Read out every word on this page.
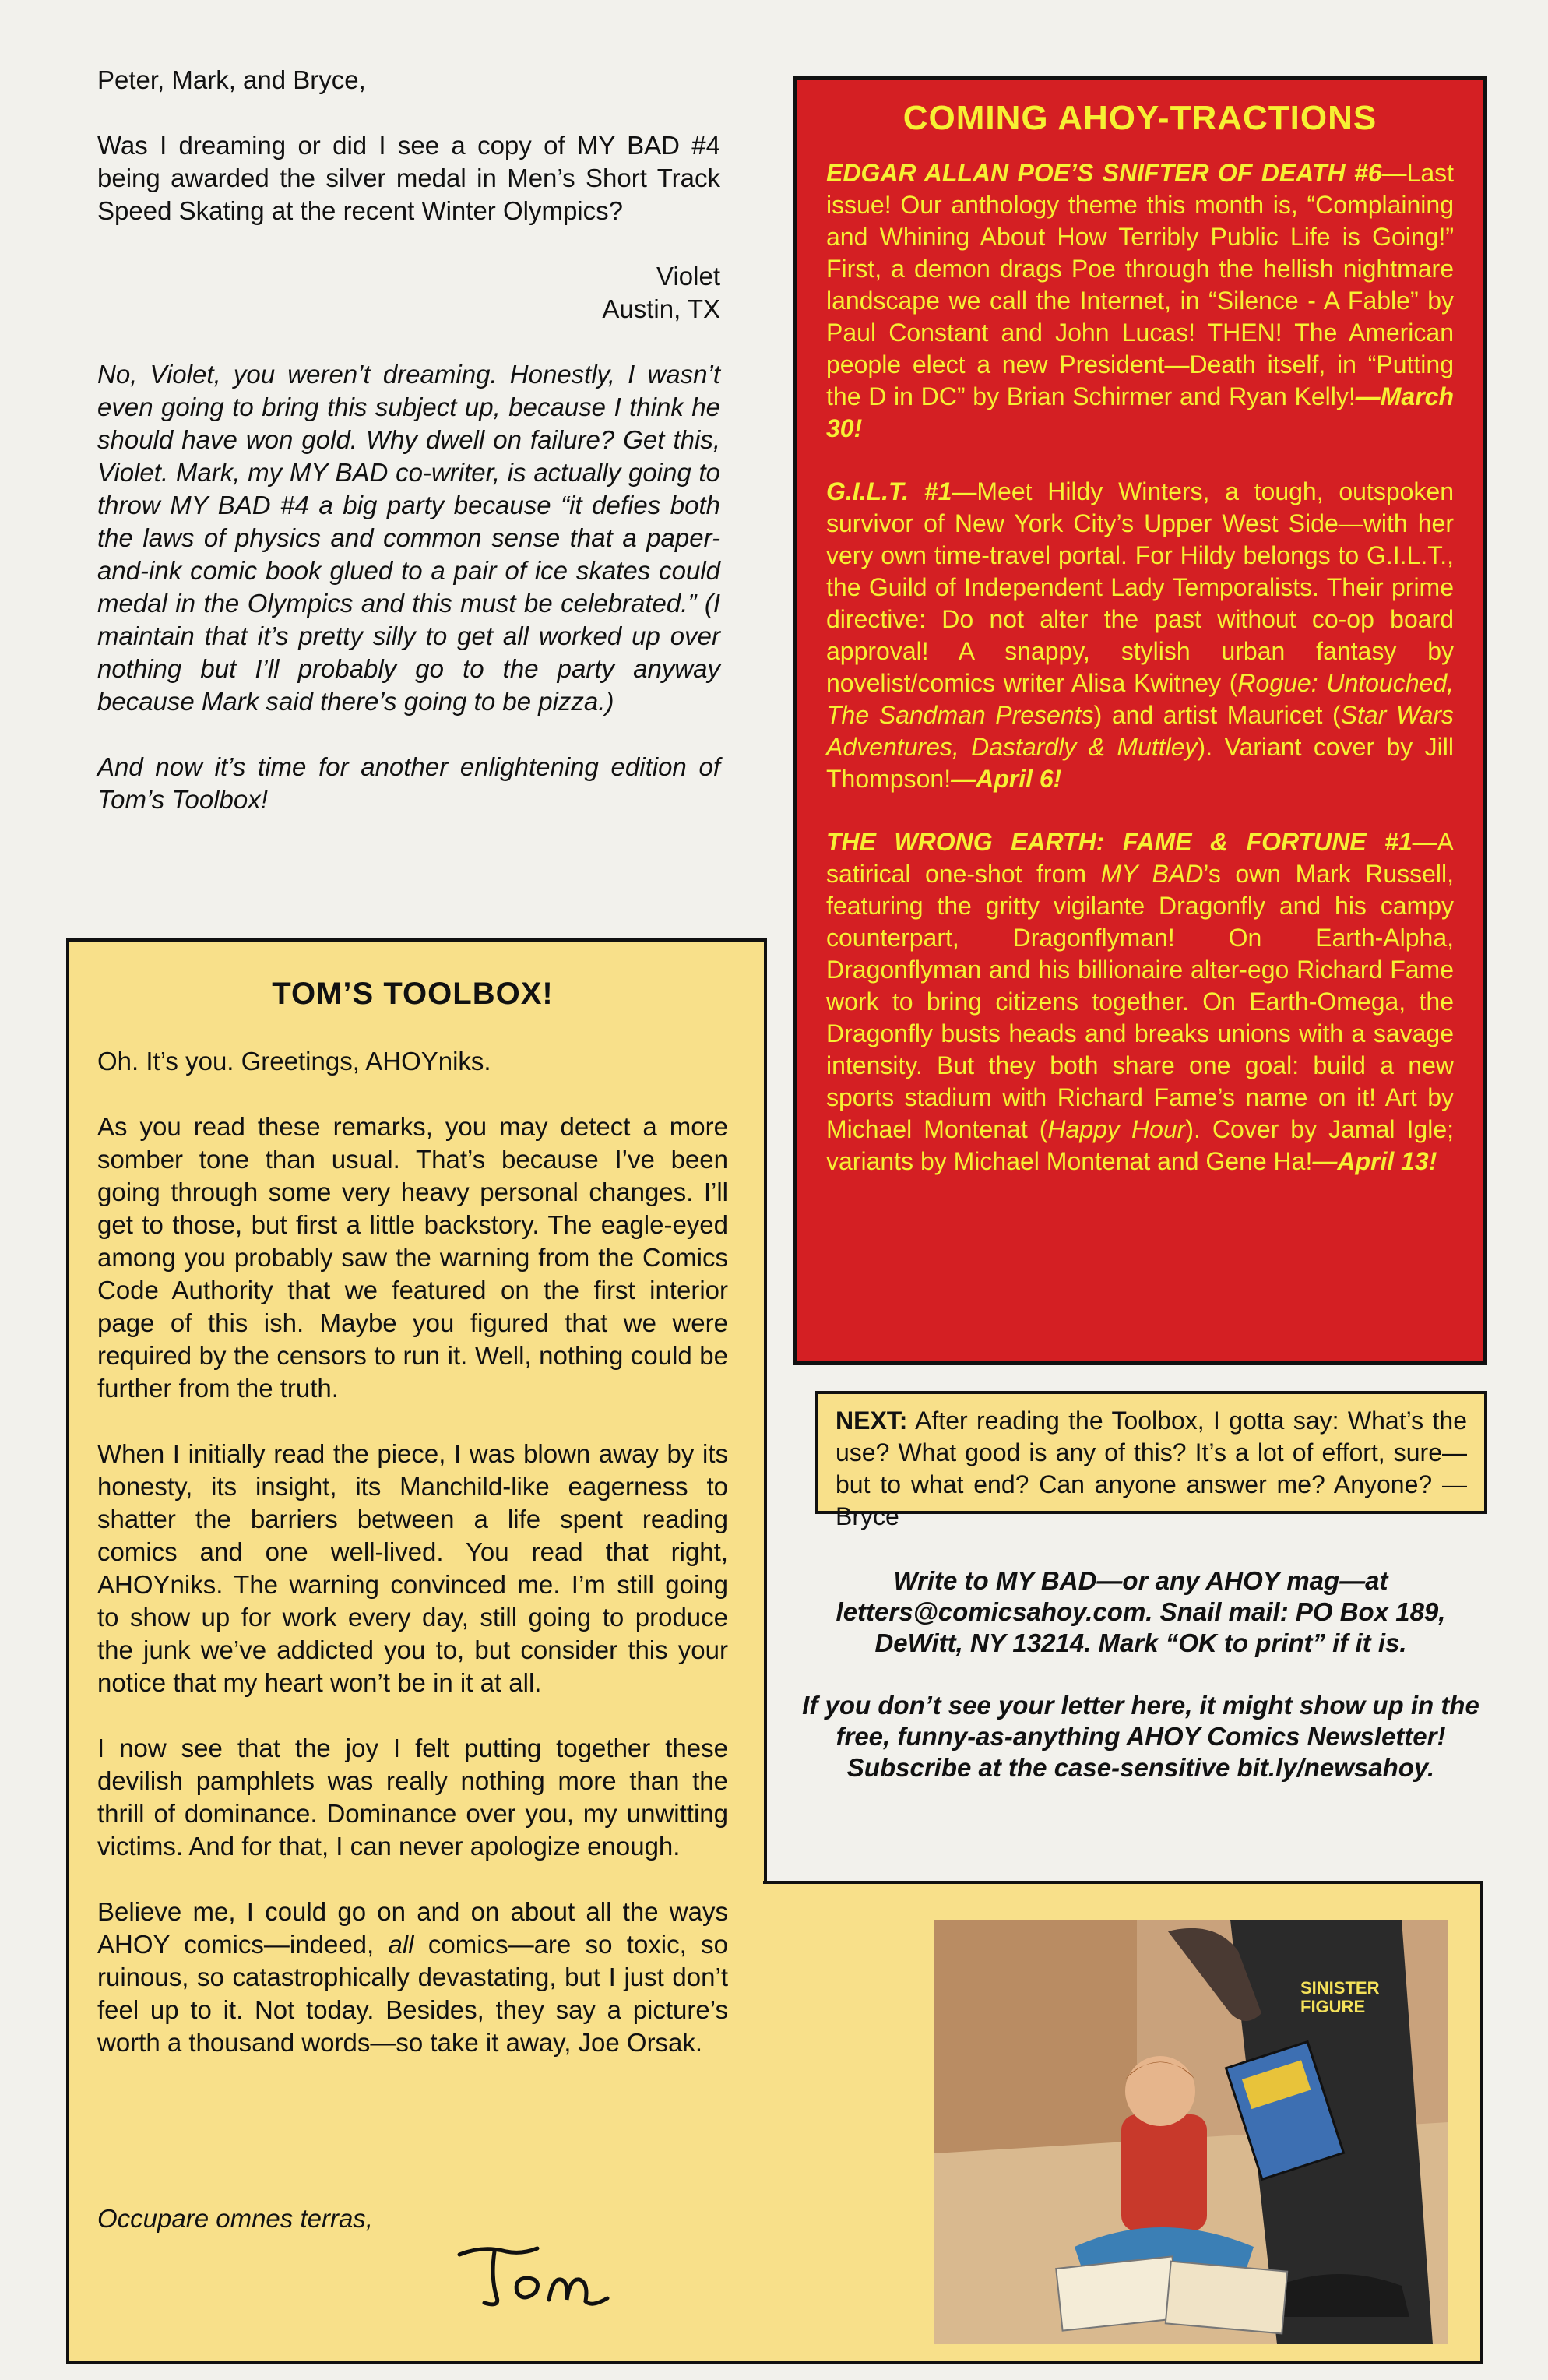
Peter, Mark, and Bryce,

Was I dreaming or did I see a copy of MY BAD #4 being awarded the silver medal in Men’s Short Track Speed Skating at the recent Winter Olympics?

Violet
Austin, TX

No, Violet, you weren’t dreaming. Honestly, I wasn’t even going to bring this subject up, because I think he should have won gold. Why dwell on failure? Get this, Violet. Mark, my MY BAD co-writer, is actually going to throw MY BAD #4 a big party because “it defies both the laws of physics and common sense that a paper-and-ink comic book glued to a pair of ice skates could medal in the Olympics and this must be celebrated.” (I maintain that it’s pretty silly to get all worked up over nothing but I’ll probably go to the party anyway because Mark said there’s going to be pizza.)

And now it’s time for another enlightening edition of Tom’s Toolbox!

TOM’S TOOLBOX!

Oh. It’s you. Greetings, AHOYniks.

As you read these remarks, you may detect a more somber tone than usual. That’s because I’ve been going through some very heavy personal changes. I’ll get to those, but first a little backstory. The eagle-eyed among you probably saw the warning from the Comics Code Authority that we featured on the first interior page of this ish. Maybe you figured that we were required by the censors to run it. Well, nothing could be further from the truth.

When I initially read the piece, I was blown away by its honesty, its insight, its Manchild-like eagerness to shatter the barriers between a life spent reading comics and one well-lived. You read that right, AHOYniks. The warning convinced me. I’m still going to show up for work every day, still going to produce the junk we’ve addicted you to, but consider this your notice that my heart won’t be in it at all.

I now see that the joy I felt putting together these devilish pamphlets was really nothing more than the thrill of dominance. Dominance over you, my unwitting victims. And for that, I can never apologize enough.

Believe me, I could go on and on about all the ways AHOY comics—indeed, all comics—are so toxic, so ruinous, so catastrophically devastating, but I just don’t feel up to it. Not today. Besides, they say a picture’s worth a thousand words—so take it away, Joe Orsak.

Occupare omnes terras,
COMING AHOY-TRACTIONS

EDGAR ALLAN POE’S SNIFTER OF DEATH #6—Last issue! Our anthology theme this month is, “Complaining and Whining About How Terribly Public Life is Going!” First, a demon drags Poe through the hellish nightmare landscape we call the Internet, in “Silence - A Fable” by Paul Constant and John Lucas! THEN! The American people elect a new President—Death itself, in “Putting the D in DC” by Brian Schirmer and Ryan Kelly!—March 30!

G.I.L.T. #1—Meet Hildy Winters, a tough, outspoken survivor of New York City’s Upper West Side—with her very own time-travel portal. For Hildy belongs to G.I.L.T., the Guild of Independent Lady Temporalists. Their prime directive: Do not alter the past without co-op board approval! A snappy, stylish urban fantasy by novelist/comics writer Alisa Kwitney (Rogue: Untouched, The Sandman Presents) and artist Mauricet (Star Wars Adventures, Dastardly & Muttley). Variant cover by Jill Thompson!—April 6!

THE WRONG EARTH: FAME & FORTUNE #1—A satirical one-shot from MY BAD’s own Mark Russell, featuring the gritty vigilante Dragonfly and his campy counterpart, Dragonflyman! On Earth-Alpha, Dragonflyman and his billionaire alter-ego Richard Fame work to bring citizens together. On Earth-Omega, the Dragonfly busts heads and breaks unions with a savage intensity. But they both share one goal: build a new sports stadium with Richard Fame’s name on it! Art by Michael Montenat (Happy Hour). Cover by Jamal Igle; variants by Michael Montenat and Gene Ha!—April 13!

NEXT: After reading the Toolbox, I gotta say: What’s the use? What good is any of this? It’s a lot of effort, sure—but to what end? Can anyone answer me? Anyone? —Bryce

Write to MY BAD—or any AHOY mag—at letters@comicsahoy.com. Snail mail: PO Box 189, DeWitt, NY 13214. Mark “OK to print” if it is.

If you don’t see your letter here, it might show up in the free, funny-as-anything AHOY Comics Newsletter! Subscribe at the case-sensitive bit.ly/newsahoy.

SINISTER FIGURE
